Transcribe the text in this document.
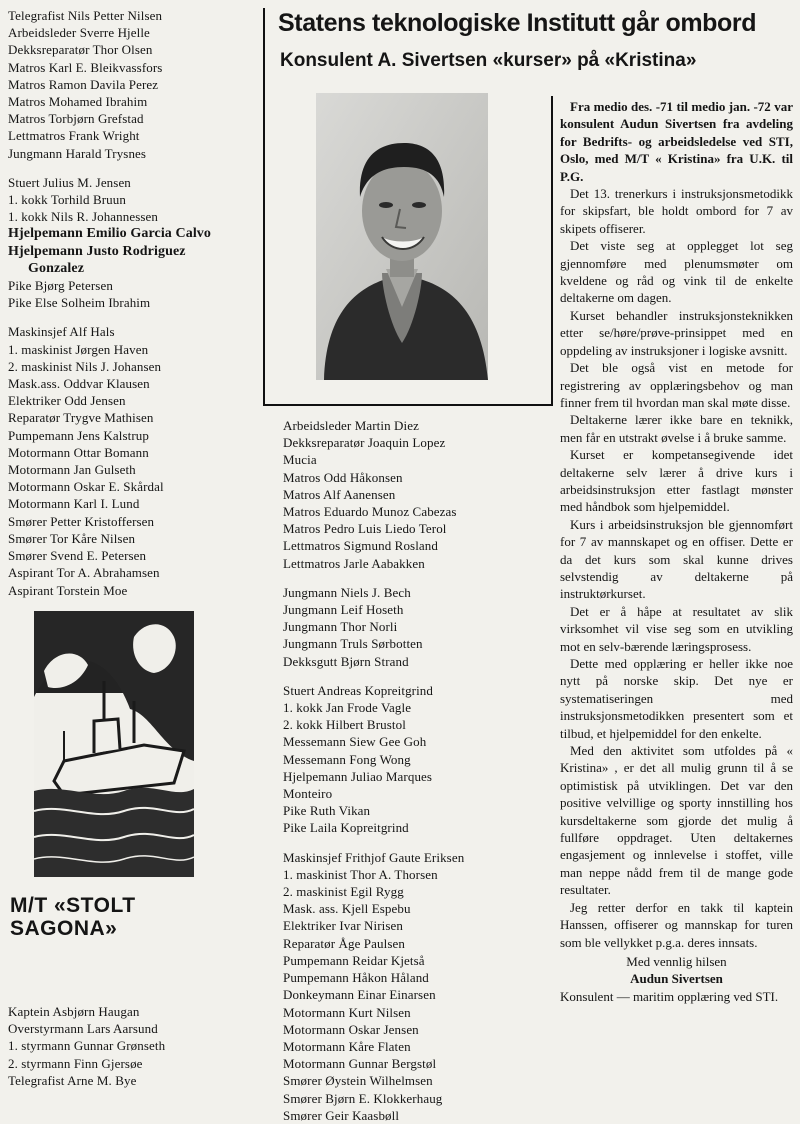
Telegrafist Nils Petter Nilsen
Arbeidsleder Sverre Hjelle
Dekksreparatør Thor Olsen
Matros Karl E. Bleikvassfors
Matros Ramon Davila Perez
Matros Mohamed Ibrahim
Matros Torbjørn Grefstad
Lettmatros Frank Wright
Jungmann Harald Trysnes
Stuert Julius M. Jensen
1. kokk Torhild Bruun
1. kokk Nils R. Johannessen
Hjelpemann Emilio Garcia Calvo
Hjelpemann Justo Rodriguez
Gonzalez
Pike Bjørg Petersen
Pike Else Solheim Ibrahim
Maskinsjef Alf Hals
1. maskinist Jørgen Haven
2. maskinist Nils J. Johansen
Mask.ass. Oddvar Klausen
Elektriker Odd Jensen
Reparatør Trygve Mathisen
Pumpemann Jens Kalstrup
Motormann Ottar Bomann
Motormann Jan Gulseth
Motormann Oskar E. Skårdal
Motormann Karl I. Lund
Smører Petter Kristoffersen
Smører Tor Kåre Nilsen
Smører Svend E. Petersen
Aspirant Tor A. Abrahamsen
Aspirant Torstein Moe
Statens teknologiske Institutt går ombord
Konsulent A. Sivertsen «kurser» på «Kristina»
M/T «STOLT
SAGONA»
Kaptein Asbjørn Haugan
Overstyrmann Lars Aarsund
1. styrmann Gunnar Grønseth
2. styrmann Finn Gjersøe
Telegrafist Arne M. Bye
Arbeidsleder Martin Diez
Dekksreparatør Joaquin Lopez
Mucia
Matros Odd Håkonsen
Matros Alf Aanensen
Matros Eduardo Munoz Cabezas
Matros Pedro Luis Liedo Terol
Lettmatros Sigmund Rosland
Lettmatros Jarle Aabakken
Jungmann Niels J. Bech
Jungmann Leif Hoseth
Jungmann Thor Norli
Jungmann Truls Sørbotten
Dekksgutt Bjørn Strand
Stuert Andreas Kopreitgrind
1. kokk Jan Frode Vagle
2. kokk Hilbert Brustol
Messemann Siew Gee Goh
Messemann Fong Wong
Hjelpemann Juliao Marques
Monteiro
Pike Ruth Vikan
Pike Laila Kopreitgrind
Maskinsjef Frithjof Gaute Eriksen
1. maskinist Thor A. Thorsen
2. maskinist Egil Rygg
Mask. ass. Kjell Espebu
Elektriker Ivar Nirisen
Reparatør Åge Paulsen
Pumpemann Reidar Kjetså
Pumpemann Håkon Håland
Donkeymann Einar Einarsen
Motormann Kurt Nilsen
Motormann Oskar Jensen
Motormann Kåre Flaten
Motormann Gunnar Bergstøl
Smører Øystein Wilhelmsen
Smører Bjørn E. Klokkerhaug
Smører Geir Kaasbøll

Fra medio des. -71 til medio jan. -72 var konsulent Audun Sivertsen fra avdeling for Bedrifts- og arbeidsledelse ved STI, Oslo, med M/T « Kristina» fra U.K. til P.G.

Det 13. trenerkurs i instruksjonsmetodikk for skipsfart, ble holdt ombord for 7 av skipets offiserer.

Det viste seg at opplegget lot seg gjennomføre med plenumsmøter om kveldene og råd og vink til de enkelte deltakerne om dagen.

Kurset behandler instruksjonsteknikken etter se/høre/prøve-prinsippet med en oppdeling av instruksjoner i logiske avsnitt.

Det ble også vist en metode for registrering av opplæringsbehov og man finner frem til hvordan man skal møte disse.

Deltakerne lærer ikke bare en teknikk, men får en utstrakt øvelse i å bruke samme.

Kurset er kompetansegivende idet deltakerne selv lærer å drive kurs i arbeidsinstruksjon etter fastlagt mønster med håndbok som hjelpemiddel.

Kurs i arbeidsinstruksjon ble gjennomført for 7 av mannskapet og en offiser. Dette er da det kurs som skal kunne drives selvstendig av deltakerne på instruktørkurset.

Det er å håpe at resultatet av slik virksomhet vil vise seg som en utvikling mot en selv-bærende læringsprosess.

Dette med opplæring er heller ikke noe nytt på norske skip. Det nye er systematiseringen med instruksjonsmetodikken presentert som et tilbud, et hjelpemiddel for den enkelte.

Med den aktivitet som utfoldes på « Kristina» , er det all mulig grunn til å se optimistisk på utviklingen. Det var den positive velvillige og sporty innstilling hos kursdeltakerne som gjorde det mulig å fullføre oppdraget. Uten deltakernes engasjement og innlevelse i stoffet, ville man neppe nådd frem til de mange gode resultater.

Jeg retter derfor en takk til kaptein Hanssen, offiserer og mannskap for turen som ble vellykket p.g.a. deres innsats.

Med vennlig hilsen

Audun Sivertsen

Konsulent — maritim opplæring ved STI.
